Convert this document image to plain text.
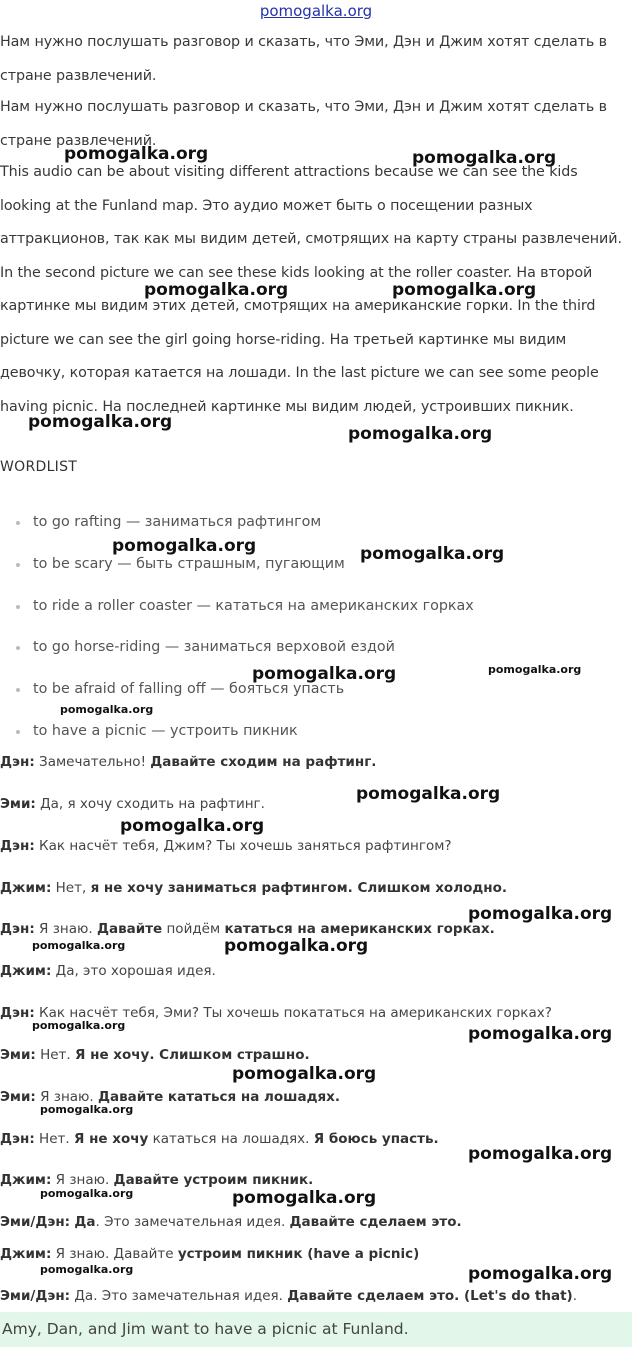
pomogalka.org
Нам нужно послушать разговор и сказать, что Эми, Дэн и Джим хотят сделать в стране развлечений.
Нам нужно послушать разговор и сказать, что Эми, Дэн и Джим хотят сделать в стране развлечений.
This audio can be about visiting different attractions because we can see the kids looking at the Funland map. Это аудио может быть о посещении разных аттракционов, так как мы видим детей, смотрящих на карту страны развлечений. In the second picture we can see these kids looking at the roller coaster. На второй картинке мы видим этих детей, смотрящих на американские горки. In the third picture we can see the girl going horse-riding. На третьей картинке мы видим девочку, которая катается на лошади. In the last picture we can see some people having picnic. На последней картинке мы видим людей, устроивших пикник.
WORDLIST
to go rafting — заниматься рафтингом
to be scary — быть страшным, пугающим
to ride a roller coaster — кататься на американских горках
to go horse-riding — заниматься верховой ездой
to be afraid of falling off — бояться упасть
to have a picnic — устроить пикник
Дэн: Замечательно! Давайте сходим на рафтинг.
Эми: Да, я хочу сходить на рафтинг.
Дэн: Как насчёт тебя, Джим? Ты хочешь заняться рафтингом?
Джим: Нет, я не хочу заниматься рафтингом. Слишком холодно.
Дэн: Я знаю. Давайте пойдём кататься на американских горках.
Джим: Да, это хорошая идея.
Дэн: Как насчёт тебя, Эми? Ты хочешь покататься на американских горках?
Эми: Нет. Я не хочу. Слишком страшно.
Эми: Я знаю. Давайте кататься на лошадях.
Дэн: Нет. Я не хочу кататься на лошадях. Я боюсь упасть.
Джим: Я знаю. Давайте устроим пикник.
Эми/Дэн: Да. Это замечательная идея. Давайте сделаем это.
Джим: Я знаю. Давайте устроим пикник (have a picnic)
Эми/Дэн: Да. Это замечательная идея. Давайте сделаем это. (Let's do that).
Amy, Dan, and Jim want to have a picnic at Funland.
pomogalka.org	pomogalka.org
pomogalka.org	pomogalka.org
pomogalka.org
pomogalka.org
pomogalka.org	pomogalka.org
pomogalka.org	pomogalka.org
pomogalka.org
pomogalka.org
pomogalka.org
pomogalka.org
pomogalka.org	pomogalka.org
pomogalka.org	pomogalka.org
pomogalka.org
pomogalka.org
pomogalka.org
pomogalka.org	pomogalka.org
pomogalka.org	pomogalka.org
